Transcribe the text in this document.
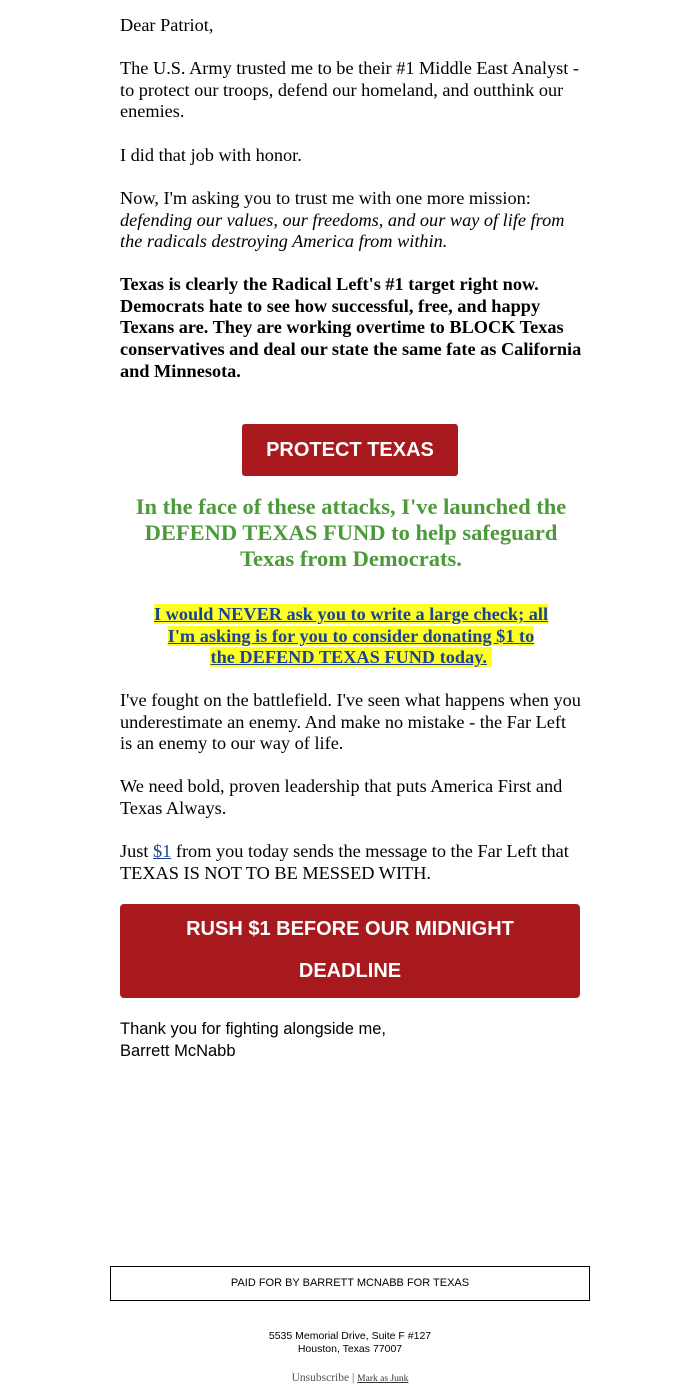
Dear Patriot,

The U.S. Army trusted me to be their #1 Middle East Analyst - to protect our troops, defend our homeland, and outthink our enemies.

I did that job with honor.

Now, I'm asking you to trust me with one more mission: defending our values, our freedoms, and our way of life from the radicals destroying America from within.

Texas is clearly the Radical Left's #1 target right now. Democrats hate to see how successful, free, and happy Texans are. They are working overtime to BLOCK Texas conservatives and deal our state the same fate as California and Minnesota.

PROTECT TEXAS

In the face of these attacks, I've launched the DEFEND TEXAS FUND to help safeguard Texas from Democrats.

I would NEVER ask you to write a large check; all
I'm asking is for you to consider donating $1 to
the DEFEND TEXAS FUND today.

I've fought on the battlefield. I've seen what happens when you underestimate an enemy. And make no mistake - the Far Left is an enemy to our way of life.

We need bold, proven leadership that puts America First and Texas Always.

Just $1 from you today sends the message to the Far Left that TEXAS IS NOT TO BE MESSED WITH.

RUSH $1 BEFORE OUR MIDNIGHT
DEADLINE
Thank you for fighting alongside me,
Barrett McNabb
PAID FOR BY BARRETT MCNABB FOR TEXAS
5535 Memorial Drive, Suite F #127
Houston, Texas 77007
Unsubscribe | Mark as Junk
